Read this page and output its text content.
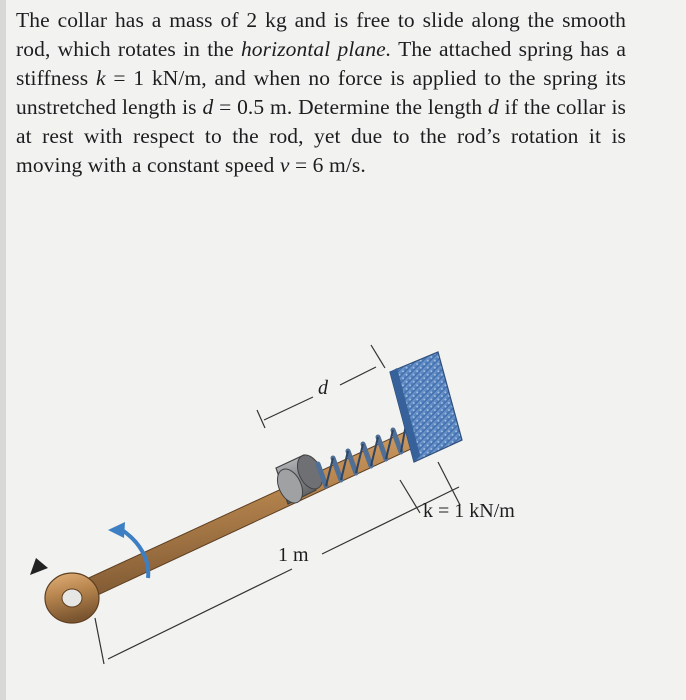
The collar has a mass of 2 kg and is free to slide along the smooth rod, which rotates in the horizontal plane. The attached spring has a stiffness k = 1 kN/m, and when no force is applied to the spring its unstretched length is d = 0.5 m. Determine the length d if the collar is at rest with respect to the rod, yet due to the rod’s rotation it is moving with a constant speed v = 6 m/s.
d
k = 1 kN/m
1 m
